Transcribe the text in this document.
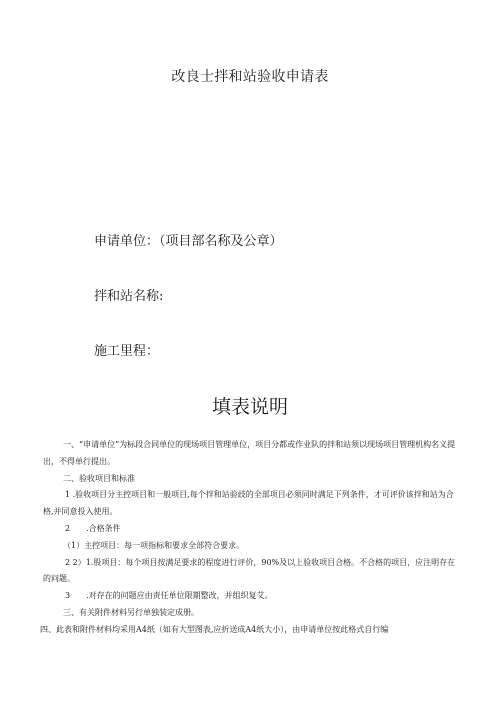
改良士拌和站验收申请表
申请单位：（项目部名称及公章）
拌和站名称:
施工里程：
填表说明

一、“申请单位”为标段合同单位的现场项目管理单位，项目分都或作业队的拌和站须以现场项目管理机构名义提出，不得单行提出。

二、验收项目和标准

1 .验收项目分主控项目和一般项目,每个拌和站验歧的全部项目必须同时满足下列条件，才可评价该拌和站为合格,并同意投入使用。

2　　.合格条件

（1）主控项目：每一项指标和要求全部符合要求。

2 2）1.股项目：每个项目按满足要求的程度进行评价，90%及以上验收项目合格。不合格的项目，应注明存在的问题。

3　　.对存在的问题应由责任单位限期整改，并组织复艾。

三、有关附件材料另行单独装定成册。

四、此表和附件材料均采用A4纸（如有大型图表,应折送成A4纸大小），由申请单位按此格式自行编
